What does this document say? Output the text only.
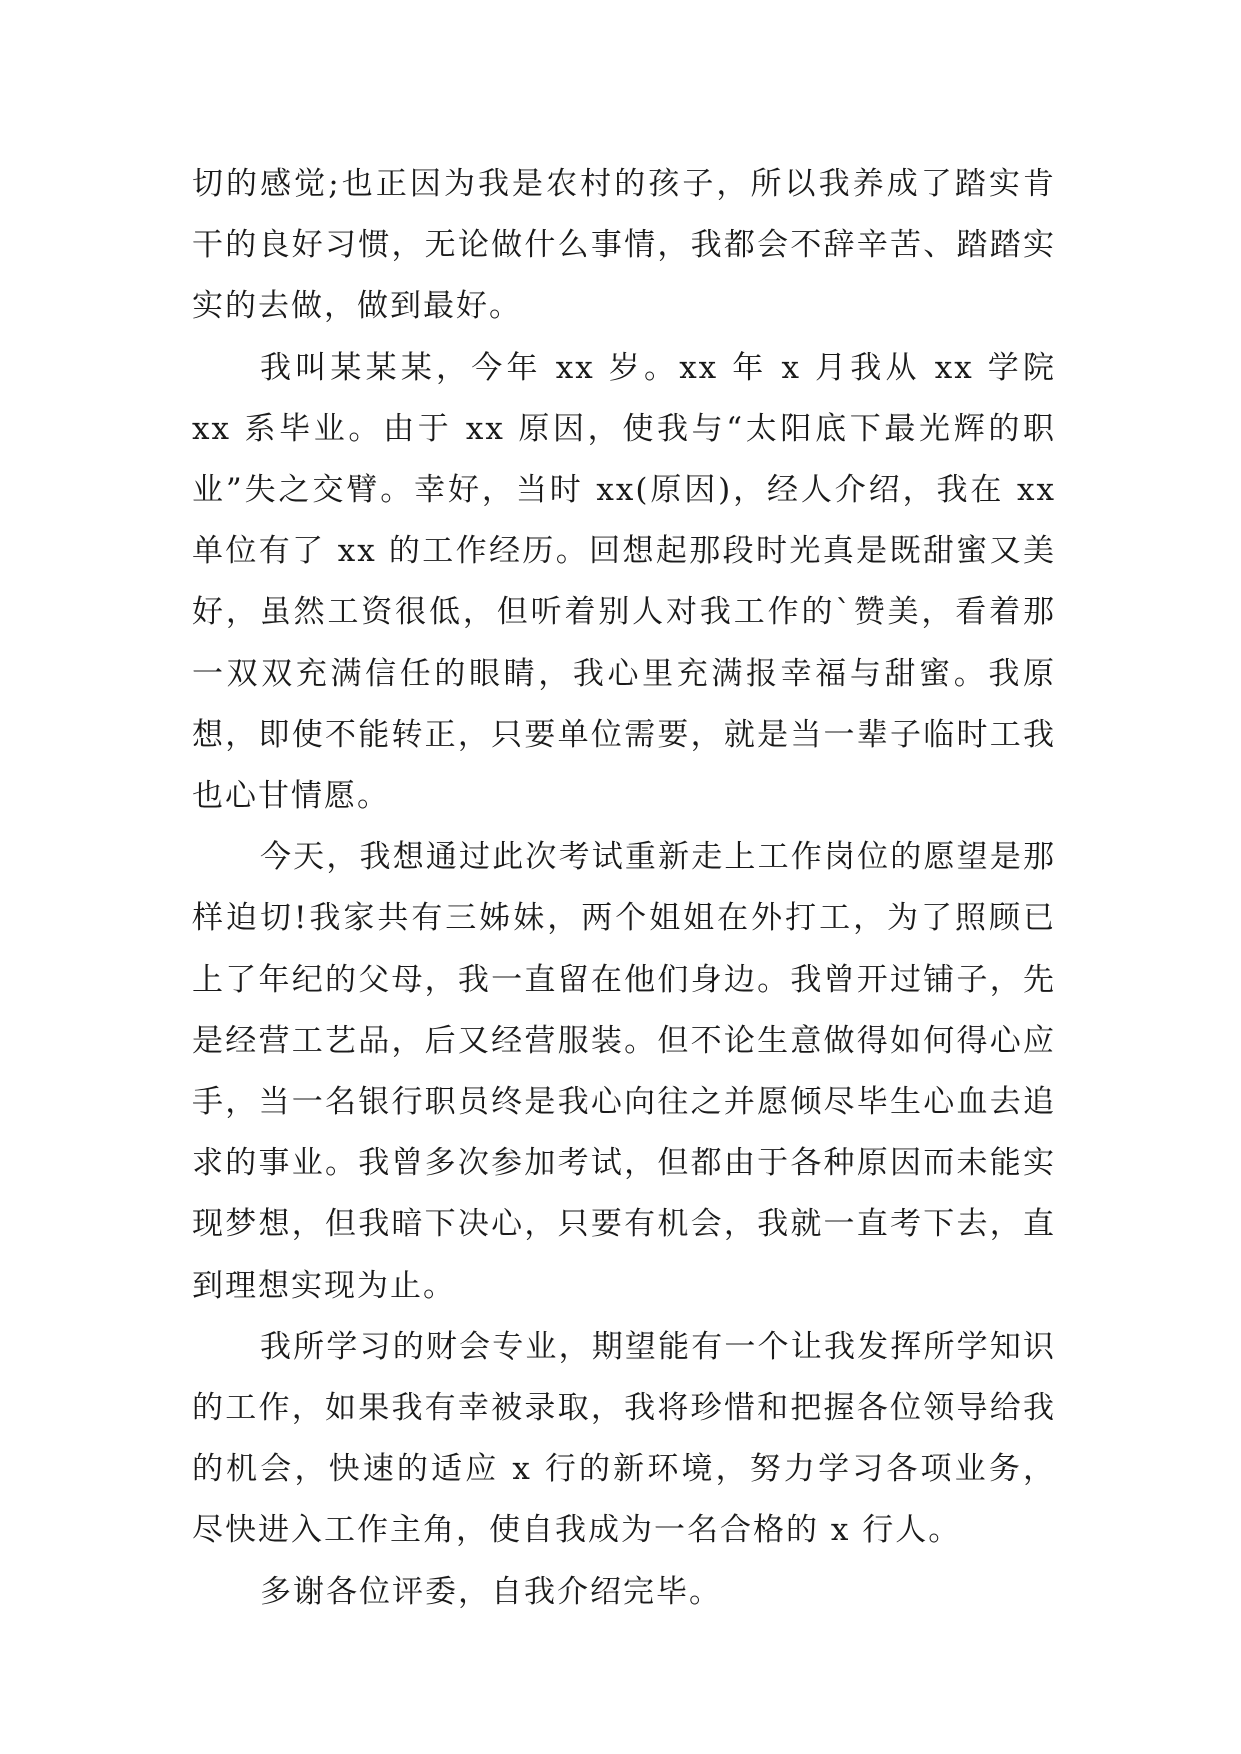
切的感觉;也正因为我是农村的孩子，所以我养成了踏实肯干的良好习惯，无论做什么事情，我都会不辞辛苦、踏踏实实的去做，做到最好。

我叫某某某，今年 xx 岁。xx 年 x 月我从 xx 学院 xx 系毕业。由于 xx 原因，使我与“太阳底下最光辉的职业”失之交臂。幸好，当时 xx(原因)，经人介绍，我在 xx 单位有了 xx 的工作经历。回想起那段时光真是既甜蜜又美好，虽然工资很低，但听着别人对我工作的`赞美，看着那一双双充满信任的眼睛，我心里充满报幸福与甜蜜。我原想，即使不能转正，只要单位需要，就是当一辈子临时工我也心甘情愿。

今天，我想通过此次考试重新走上工作岗位的愿望是那样迫切!我家共有三姊妹，两个姐姐在外打工，为了照顾已上了年纪的父母，我一直留在他们身边。我曾开过铺子，先是经营工艺品，后又经营服装。但不论生意做得如何得心应手，当一名银行职员终是我心向往之并愿倾尽毕生心血去追求的事业。我曾多次参加考试，但都由于各种原因而未能实现梦想，但我暗下决心，只要有机会，我就一直考下去，直到理想实现为止。

我所学习的财会专业，期望能有一个让我发挥所学知识的工作，如果我有幸被录取，我将珍惜和把握各位领导给我的机会，快速的适应 x 行的新环境，努力学习各项业务，尽快进入工作主角，使自我成为一名合格的 x 行人。

多谢各位评委，自我介绍完毕。
